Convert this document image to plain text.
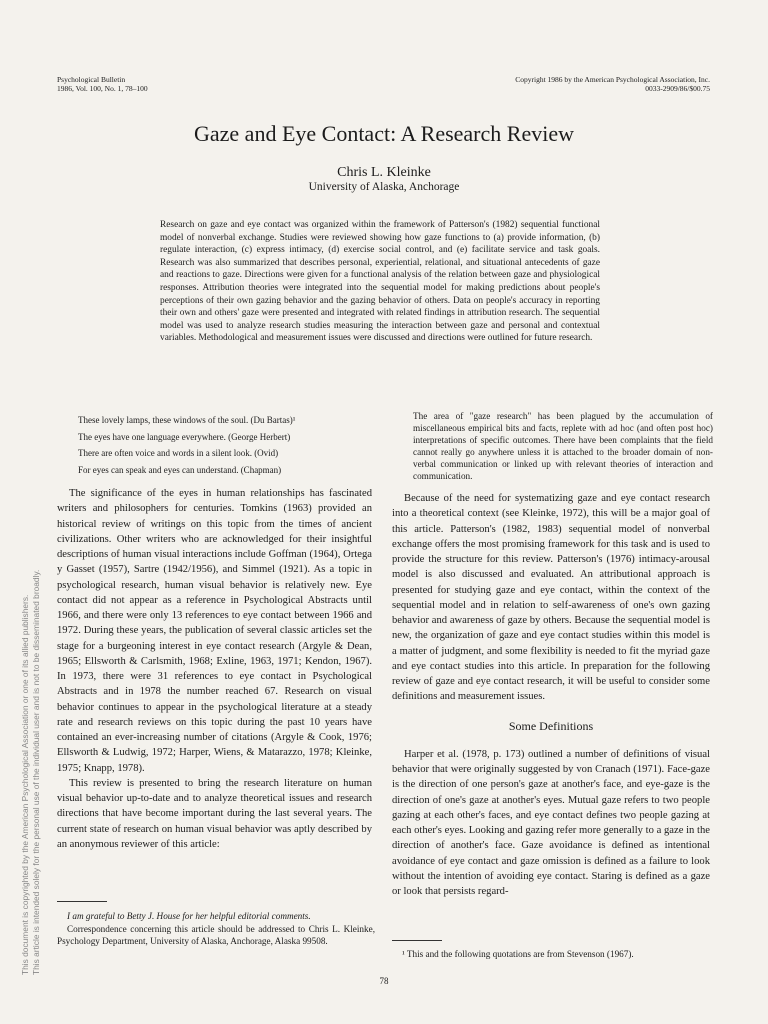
This document is copyrighted by the American Psychological Association or one of its allied publishers. This article is intended solely for the personal use of the individual user and is not to be disseminated broadly.
Psychological Bulletin
1986, Vol. 100, No. 1, 78–100
Copyright 1986 by the American Psychological Association, Inc.
0033-2909/86/$00.75
Gaze and Eye Contact: A Research Review
Chris L. Kleinke
University of Alaska, Anchorage
Research on gaze and eye contact was organized within the framework of Patterson's (1982) sequential functional model of nonverbal exchange. Studies were reviewed showing how gaze functions to (a) provide information, (b) regulate interaction, (c) express intimacy, (d) exercise social control, and (e) facilitate service and task goals. Research was also summarized that describes personal, experiential, relational, and situational antecedents of gaze and reactions to gaze. Directions were given for a functional analysis of the relation between gaze and physiological responses. Attribution theories were integrated into the sequential model for making predictions about people's perceptions of their own gazing behavior and the gazing behavior of others. Data on people's accuracy in reporting their own and others' gaze were presented and integrated with related findings in attribution research. The sequential model was used to analyze research studies measuring the interaction between gaze and personal and contextual variables. Methodological and measurement issues were discussed and directions were outlined for future research.
These lovely lamps, these windows of the soul. (Du Bartas)¹
The eyes have one language everywhere. (George Herbert)
There are often voice and words in a silent look. (Ovid)
For eyes can speak and eyes can understand. (Chapman)
The area of "gaze research" has been plagued by the accumulation of miscellaneous empirical bits and facts, replete with ad hoc (and often post hoc) interpretations of specific outcomes. There have been complaints that the field cannot really go anywhere unless it is attached to the broader domain of non-verbal communication or linked up with relevant theories of interaction and communication.

The significance of the eyes in human relationships has fascinated writers and philosophers for centuries. Tomkins (1963) provided an historical review of writings on this topic from the times of ancient civilizations. Other writers who are acknowledged for their insightful descriptions of human visual interactions include Goffman (1964), Ortega y Gasset (1957), Sartre (1942/1956), and Simmel (1921). As a topic in psychological research, human visual behavior is relatively new. Eye contact did not appear as a reference in Psychological Abstracts until 1966, and there were only 13 references to eye contact between 1966 and 1972. During these years, the publication of several classic articles set the stage for a burgeoning interest in eye contact research (Argyle & Dean, 1965; Ellsworth & Carlsmith, 1968; Exline, 1963, 1971; Kendon, 1967). In 1973, there were 31 references to eye contact in Psychological Abstracts and in 1978 the number reached 67. Research on visual behavior continues to appear in the psychological literature at a steady rate and research reviews on this topic during the past 10 years have contained an ever-increasing number of citations (Argyle & Cook, 1976; Ellsworth & Ludwig, 1972; Harper, Wiens, & Matarazzo, 1978; Kleinke, 1975; Knapp, 1978).

This review is presented to bring the research literature on human visual behavior up-to-date and to analyze theoretical issues and research directions that have become important during the last several years. The current state of research on human visual behavior was aptly described by an anonymous reviewer of this article:

Because of the need for systematizing gaze and eye contact research into a theoretical context (see Kleinke, 1972), this will be a major goal of this article. Patterson's (1982, 1983) sequential model of nonverbal exchange offers the most promising framework for this task and is used to provide the structure for this review. Patterson's (1976) intimacy-arousal model is also discussed and evaluated. An attributional approach is presented for studying gaze and eye contact, within the context of the sequential model and in relation to self-awareness of one's own gazing behavior and awareness of gaze by others. Because the sequential model is new, the organization of gaze and eye contact studies within this model is a matter of judgment, and some flexibility is needed to fit the myriad gaze and eye contact studies into this article. In preparation for the following review of gaze and eye contact research, it will be useful to consider some definitions and measurement issues.

Some Definitions

Harper et al. (1978, p. 173) outlined a number of definitions of visual behavior that were originally suggested by von Cranach (1971). Face-gaze is the direction of one person's gaze at another's face, and eye-gaze is the direction of one's gaze at another's eyes. Mutual gaze refers to two people gazing at each other's faces, and eye contact defines two people gazing at each other's eyes. Looking and gazing refer more generally to a gaze in the direction of another's face. Gaze avoidance is defined as intentional avoidance of eye contact and gaze omission is defined as a failure to look without the intention of avoiding eye contact. Staring is defined as a gaze or look that persists regard-

I am grateful to Betty J. House for her helpful editorial comments.

Correspondence concerning this article should be addressed to Chris L. Kleinke, Psychology Department, University of Alaska, Anchorage, Alaska 99508.

¹ This and the following quotations are from Stevenson (1967).
78
